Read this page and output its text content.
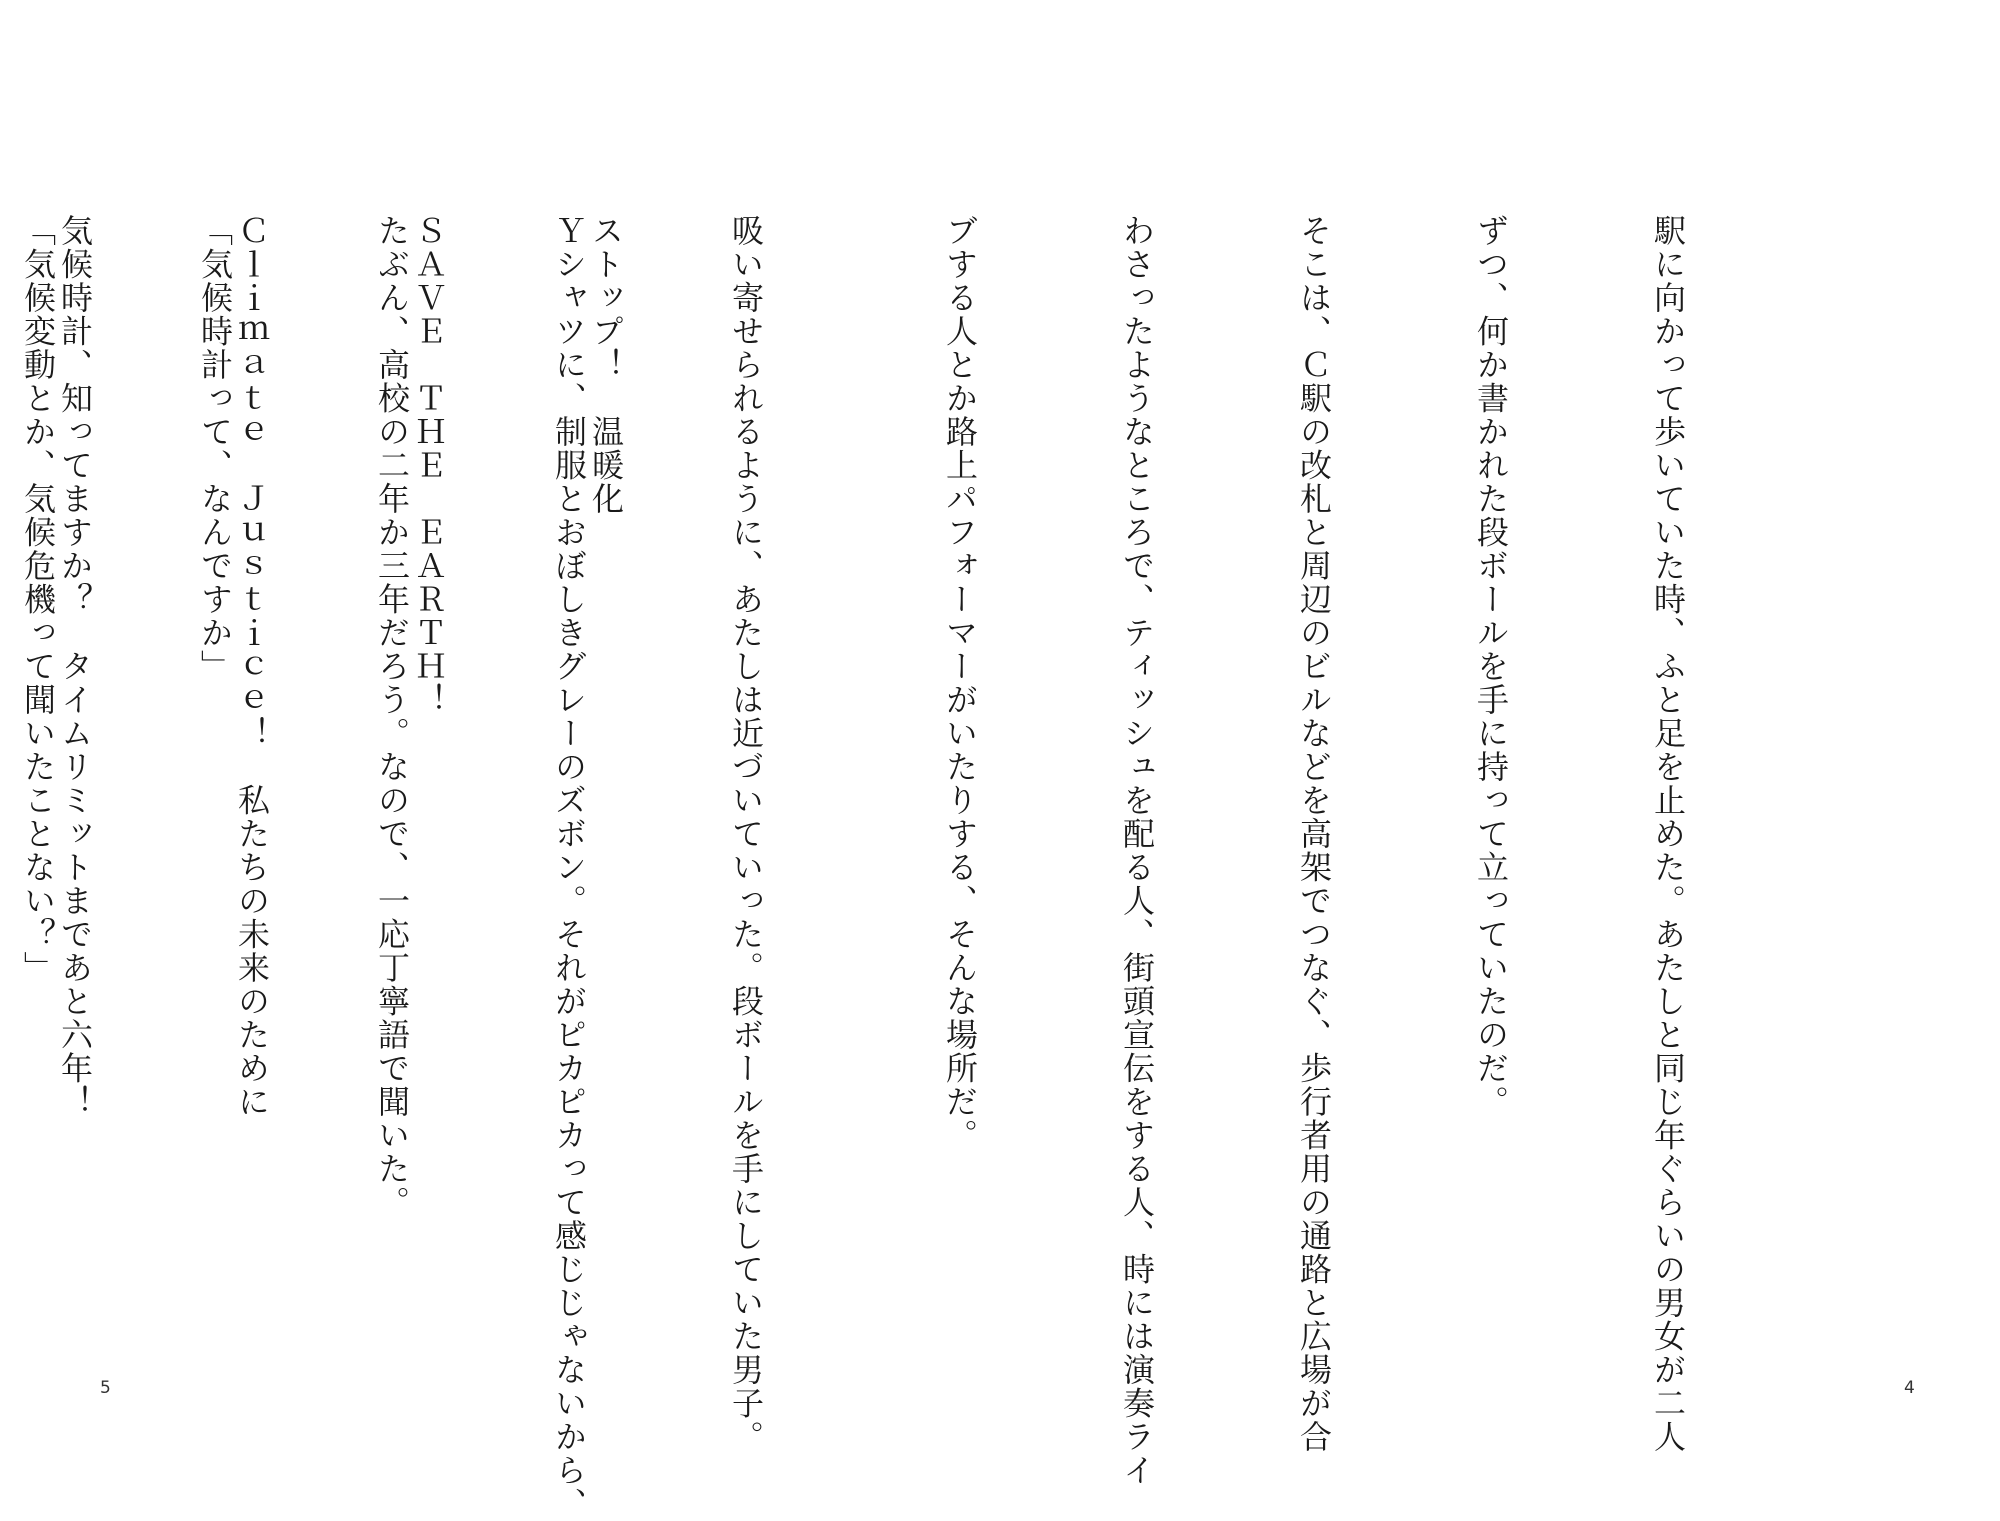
駅に向かって歩いていた時、ふと足を止めた。あたしと同じ年ぐらいの男女が二人

ずつ、何か書かれた段ボールを手に持って立っていたのだ。

そこは、Ｃ駅の改札と周辺のビルなどを高架でつなぐ、歩行者用の通路と広場が合

わさったようなところで、ティッシュを配る人、街頭宣伝をする人、時には演奏ライ

ブする人とか路上パフォーマーがいたりする、そんな場所だ。

ストップ！　温暖化

ＳＡＶＥ　ＴＨＥ　ＥＡＲＴＨ！

Ｃｌｉｍａｔｅ　Ｊｕｓｔｉｃｅ！　私たちの未来のために

気候時計、知ってますか？　タイムリミットまであと六年！

4

吸い寄せられるように、あたしは近づいていった。段ボールを手にしていた男子。

Ｙシャツに、制服とおぼしきグレーのズボン。それがピカピカって感じじゃないから、

たぶん、高校の二年か三年だろう。なので、一応丁寧語で聞いた。

「気候時計って、なんですか」

「気候変動とか、気候危機って聞いたことない？」

5
